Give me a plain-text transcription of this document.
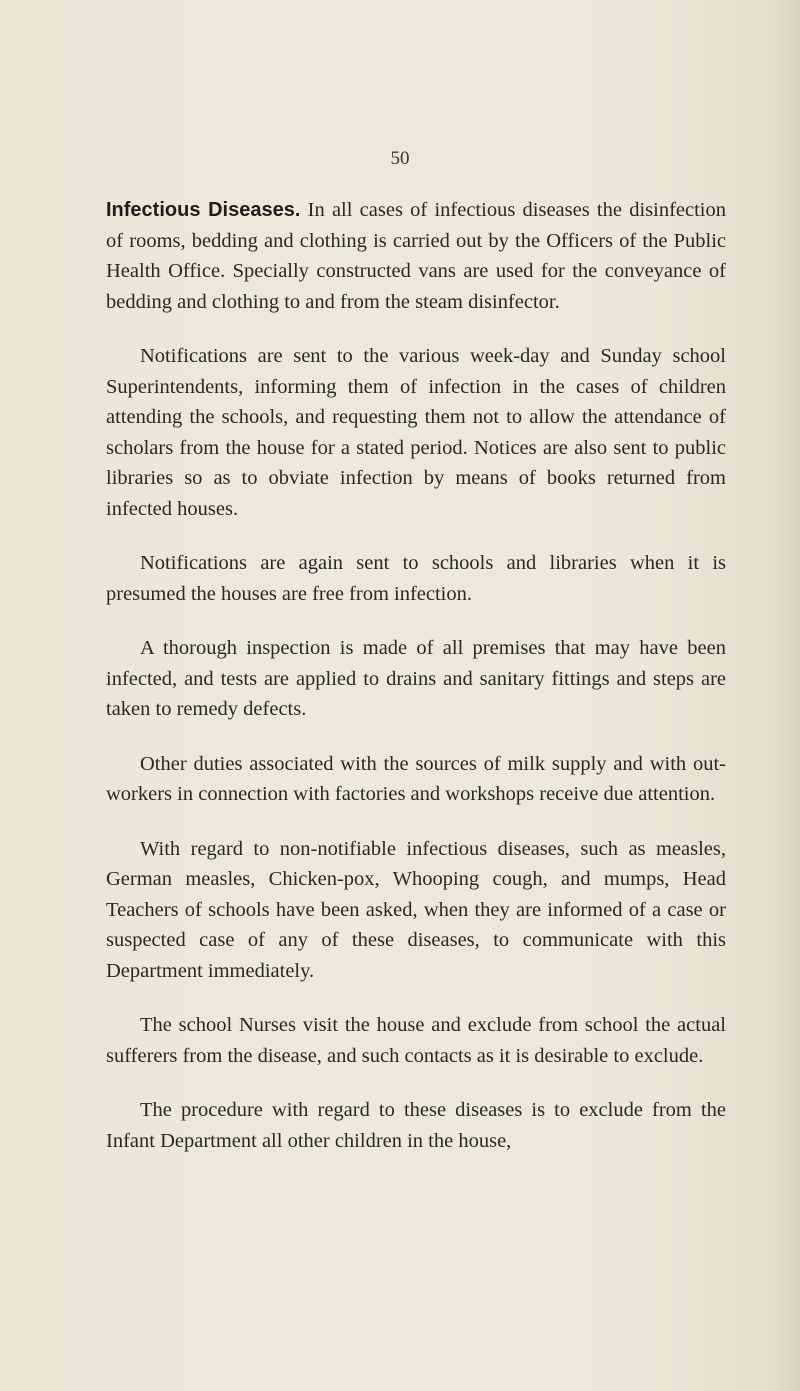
50

Infectious Diseases. In all cases of infectious diseases the disinfection of rooms, bedding and clothing is carried out by the Officers of the Public Health Office. Specially constructed vans are used for the conveyance of bedding and clothing to and from the steam disinfector.

Notifications are sent to the various week-day and Sunday school Superintendents, informing them of infection in the cases of children attending the schools, and requesting them not to allow the attendance of scholars from the house for a stated period. Notices are also sent to public libraries so as to obviate infection by means of books returned from infected houses.

Notifications are again sent to schools and libraries when it is presumed the houses are free from infection.

A thorough inspection is made of all premises that may have been infected, and tests are applied to drains and sanitary fittings and steps are taken to remedy defects.

Other duties associated with the sources of milk supply and with out-workers in connection with factories and workshops receive due attention.

With regard to non-notifiable infectious diseases, such as measles, German measles, Chicken-pox, Whooping cough, and mumps, Head Teachers of schools have been asked, when they are informed of a case or suspected case of any of these diseases, to communicate with this Department immediately.

The school Nurses visit the house and exclude from school the actual sufferers from the disease, and such contacts as it is desirable to exclude.

The procedure with regard to these diseases is to exclude from the Infant Department all other children in the house,
